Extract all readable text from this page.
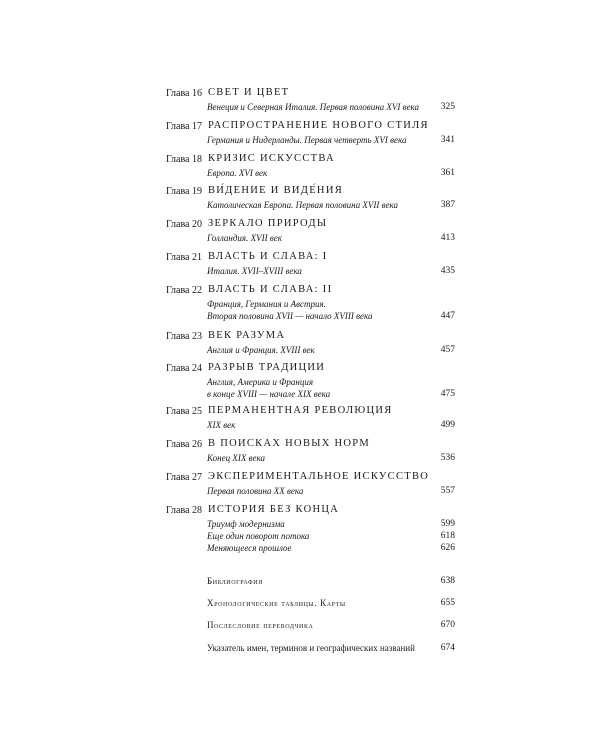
Глава 16 СВЕТ И ЦВЕТ
Венеция и Северная Италия. Первая половина XVI века	325
Глава 17 РАСПРОСТРАНЕНИЕ НОВОГО СТИЛЯ
Германия и Нидерланды. Первая четверть XVI века	341
Глава 18 КРИЗИС ИСКУССТВА
Европа. XVI век	361
Глава 19 ВИ́ДЕНИЕ И ВИДЕ́НИЯ
Католическая Европа. Первая половина XVII века	387
Глава 20 ЗЕРКАЛО ПРИРОДЫ
Голландия. XVII век	413
Глава 21 ВЛАСТЬ И СЛАВА: I
Италия. XVII–XVIII века	435
Глава 22 ВЛАСТЬ И СЛАВА: II
Франция, Германия и Австрия.
Вторая половина XVII — начало XVIII века	447
Глава 23 ВЕК РАЗУМА
Англия и Франция. XVIII век	457
Глава 24 РАЗРЫВ ТРАДИЦИИ
Англия, Америка и Франция
в конце XVIII — начале XIX века	475
Глава 25 ПЕРМАНЕНТНАЯ РЕВОЛЮЦИЯ
XIX век	499
Глава 26 В ПОИСКАХ НОВЫХ НОРМ
Конец XIX века	536
Глава 27 ЭКСПЕРИМЕНТАЛЬНОЕ ИСКУССТВО
Первая половина XX века	557
Глава 28 ИСТОРИЯ БЕЗ КОНЦА
Триумф модернизма	599
Еще один поворот потока	618
Меняющееся прошлое	626
Библиография	638
Хронологические таблицы. Карты	655
Послесловие переводчика	670
Указатель имен, терминов и географических названий	674
